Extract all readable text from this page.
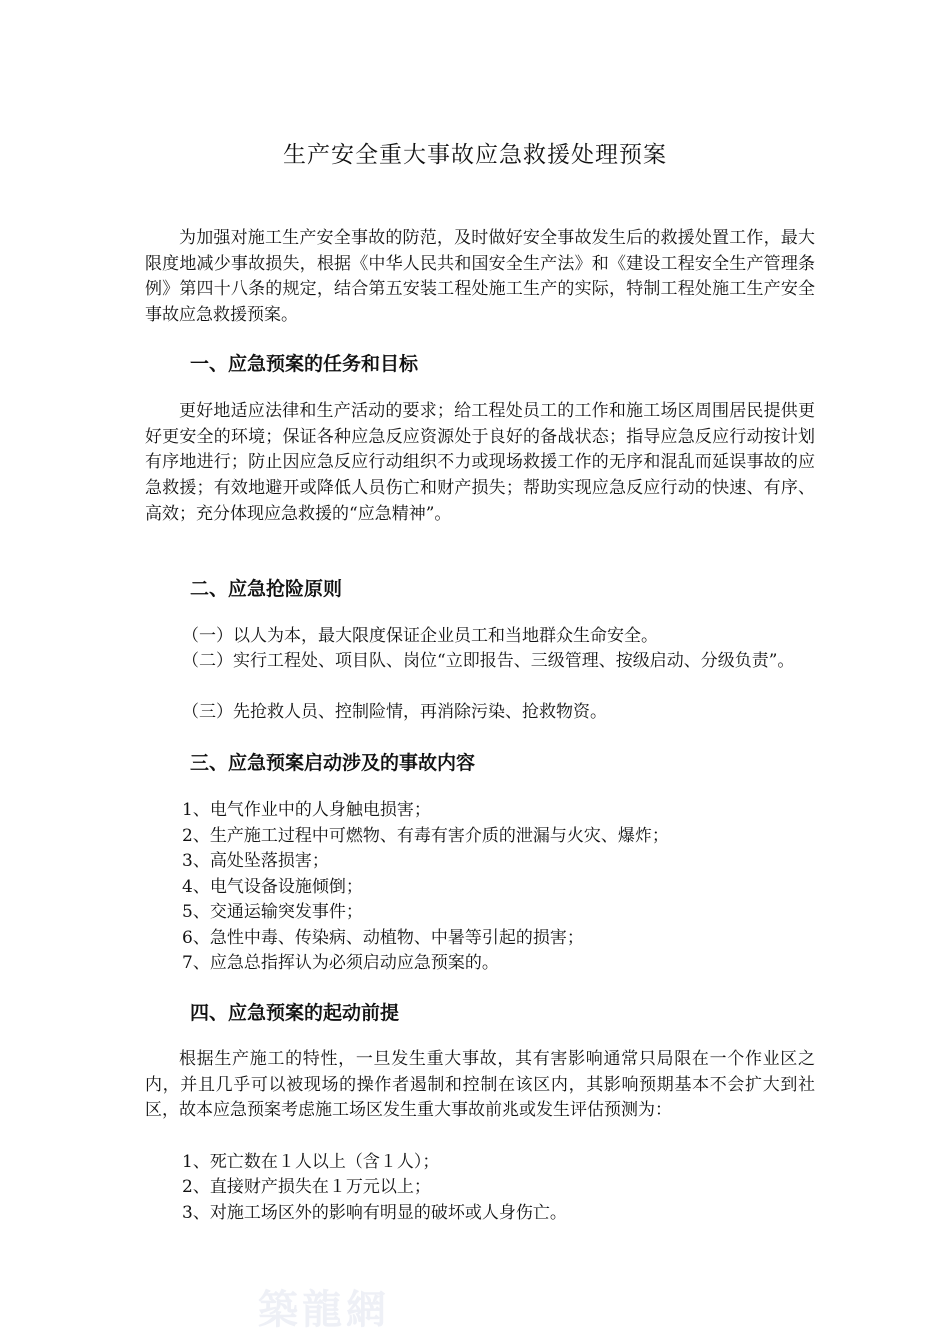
生产安全重大事故应急救援处理预案

为加强对施工生产安全事故的防范，及时做好安全事故发生后的救援处置工作，最大限度地减少事故损失，根据《中华人民共和国安全生产法》和《建设工程安全生产管理条例》第四十八条的规定，结合第五安装工程处施工生产的实际，特制工程处施工生产安全事故应急救援预案。

一、应急预案的任务和目标

更好地适应法律和生产活动的要求；给工程处员工的工作和施工场区周围居民提供更好更安全的环境；保证各种应急反应资源处于良好的备战状态；指导应急反应行动按计划有序地进行；防止因应急反应行动组织不力或现场救援工作的无序和混乱而延误事故的应急救援；有效地避开或降低人员伤亡和财产损失；帮助实现应急反应行动的快速、有序、高效；充分体现应急救援的“应急精神”。

二、应急抢险原则

（一）以人为本，最大限度保证企业员工和当地群众生命安全。

（二）实行工程处、项目队、岗位“立即报告、三级管理、按级启动、分级负责”。

（三）先抢救人员、控制险情，再消除污染、抢救物资。

三、应急预案启动涉及的事故内容

1、电气作业中的人身触电损害；

2、生产施工过程中可燃物、有毒有害介质的泄漏与火灾、爆炸；

3、高处坠落损害；

4、电气设备设施倾倒；

5、交通运输突发事件；

6、急性中毒、传染病、动植物、中暑等引起的损害；

7、应急总指挥认为必须启动应急预案的。

四、应急预案的起动前提

根据生产施工的特性，一旦发生重大事故，其有害影响通常只局限在一个作业区之内，并且几乎可以被现场的操作者遏制和控制在该区内，其影响预期基本不会扩大到社区，故本应急预案考虑施工场区发生重大事故前兆或发生评估预测为：

1、死亡数在１人以上（含１人）；

2、直接财产损失在１万元以上；

3、对施工场区外的影响有明显的破坏或人身伤亡。

築龍網
